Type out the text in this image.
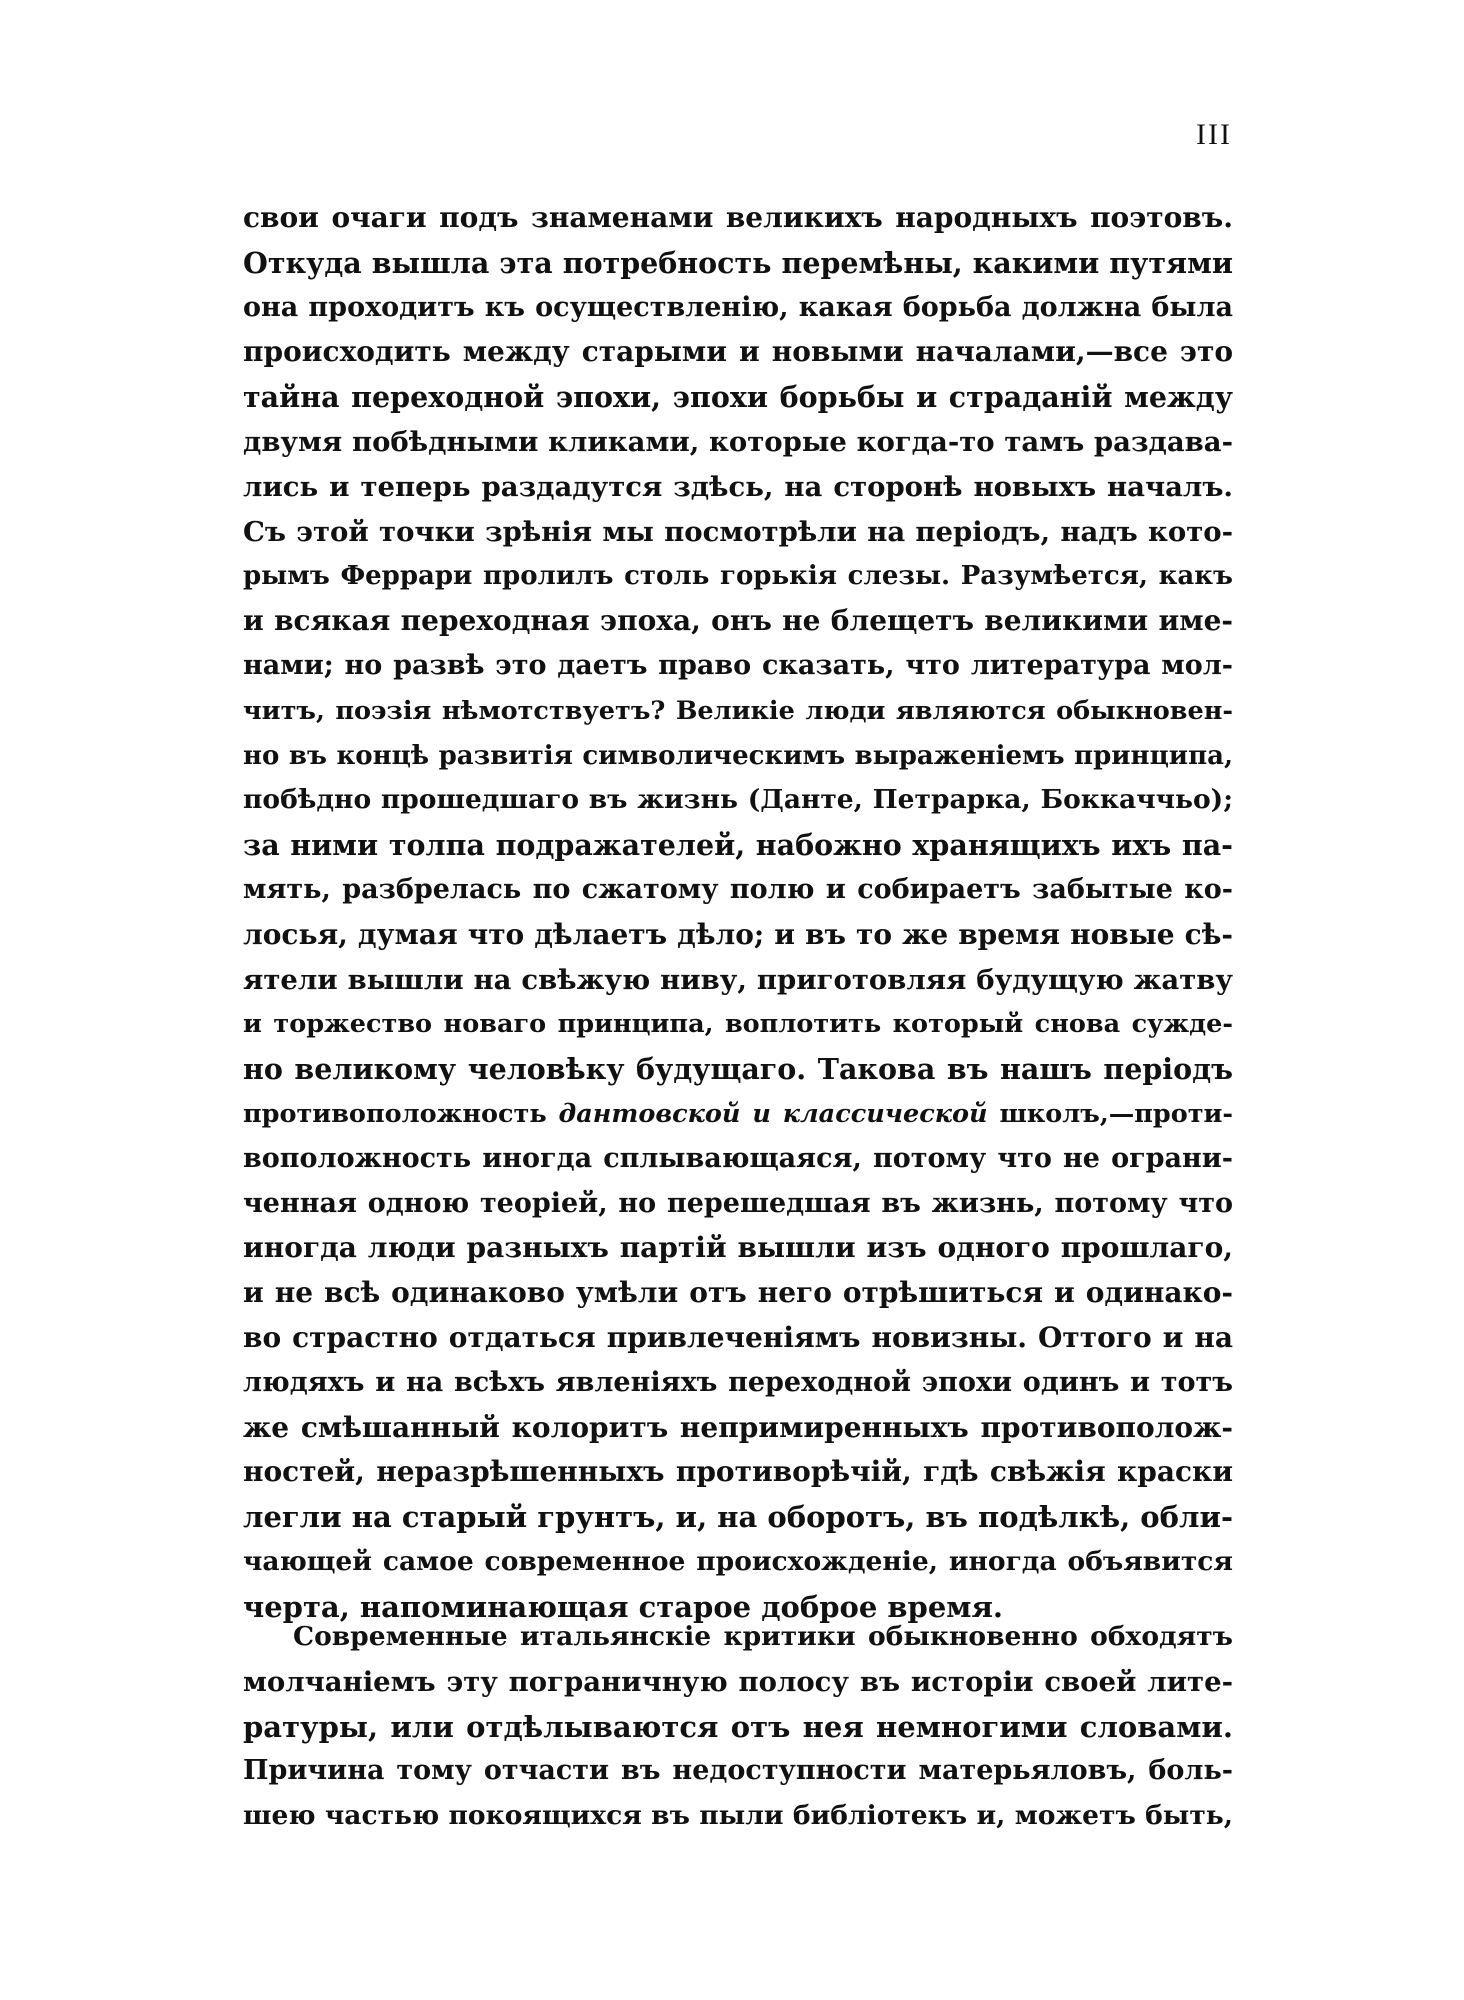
III
свои очаги подъ знаменами великихъ народныхъ поэтовъ.
Откуда вышла эта потребность перемѣны, какими путями
она проходитъ къ осуществленію, какая борьба должна была
происходить между старыми и новыми началами,—все это
тайна переходной эпохи, эпохи борьбы и страданій между
двумя побѣдными кликами, которые когда-то тамъ раздава-
лись и теперь раздадутся здѣсь, на сторонѣ новыхъ началъ.
Съ этой точки зрѣнія мы посмотрѣли на періодъ, надъ кото-
рымъ Феррари пролилъ столь горькія слезы. Разумѣется, какъ
и всякая переходная эпоха, онъ не блещетъ великими име-
нами; но развѣ это даетъ право сказать, что литература мол-
читъ, поэзія нѣмотствуетъ? Великіе люди являются обыкновен-
но въ концѣ развитія символическимъ выраженіемъ принципа,
побѣдно прошедшаго въ жизнь (Данте, Петрарка, Боккаччьо);
за ними толпа подражателей, набожно хранящихъ ихъ па-
мять, разбрелась по сжатому полю и собираетъ забытые ко-
лосья, думая что дѣлаетъ дѣло; и въ то же время новые сѣ-
ятели вышли на свѣжую ниву, приготовляя будущую жатву
и торжество новаго принципа, воплотить который снова сужде-
но великому человѣку будущаго. Такова въ нашъ періодъ
противоположность дантовской и классической школъ,—проти-
воположность иногда сплывающаяся, потому что не ограни-
ченная одною теоріей, но перешедшая въ жизнь, потому что
иногда люди разныхъ партій вышли изъ одного прошлаго,
и не всѣ одинаково умѣли отъ него отрѣшиться и одинако-
во страстно отдаться привлеченіямъ новизны. Оттого и на
людяхъ и на всѣхъ явленіяхъ переходной эпохи одинъ и тотъ
же смѣшанный колоритъ непримиренныхъ противополож-
ностей, неразрѣшенныхъ противорѣчій, гдѣ свѣжія краски
легли на старый грунтъ, и, на оборотъ, въ подѣлкѣ, обли-
чающей самое современное происхожденіе, иногда объявится
черта, напоминающая старое доброе время.
Современные итальянскіе критики обыкновенно обходятъ
молчаніемъ эту пограничную полосу въ исторіи своей лите-
ратуры, или отдѣлываются отъ нея немногими словами.
Причина тому отчасти въ недоступности матерьяловъ, боль-
шею частью покоящихся въ пыли библіотекъ и, можетъ быть,
